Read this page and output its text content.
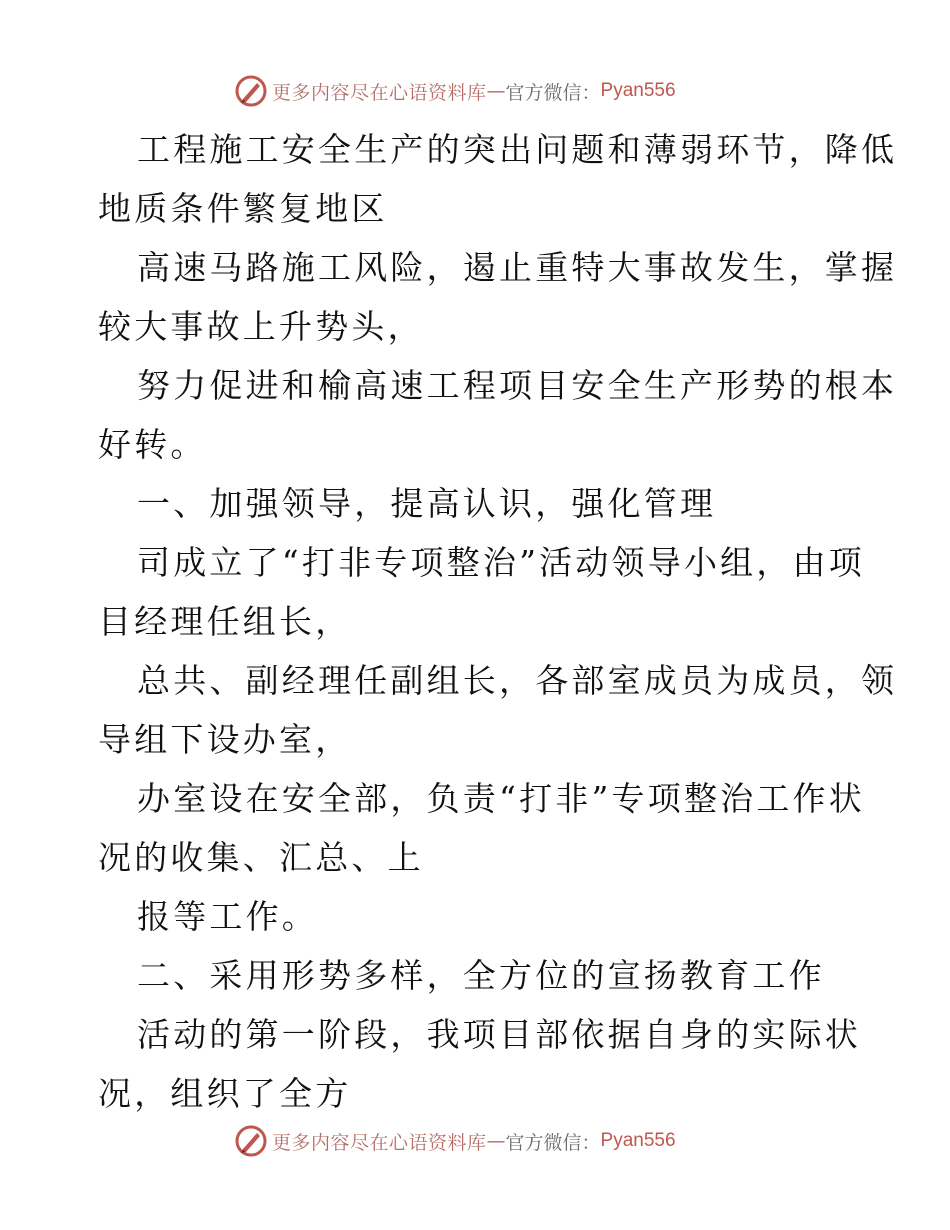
更多内容尽在心语资料库 — 官方微信： Pyan556
工程施工安全生产的突出问题和薄弱环节，降低
地质条件繁复地区
高速马路施工风险，遏止重特大事故发生，掌握
较大事故上升势头，
努力促进和榆高速工程项目安全生产形势的根本
好转。
一、加强领导，提高认识，强化管理
司成立了“打非专项整治”活动领导小组，由项
目经理任组长，
总共、副经理任副组长，各部室成员为成员，领
导组下设办室，
办室设在安全部，负责“打非”专项整治工作状
况的收集、汇总、上
报等工作。
二、采用形势多样，全方位的宣扬教育工作
活动的第一阶段，我项目部依据自身的实际状
况，组织了全方
更多内容尽在心语资料库 — 官方微信： Pyan556
